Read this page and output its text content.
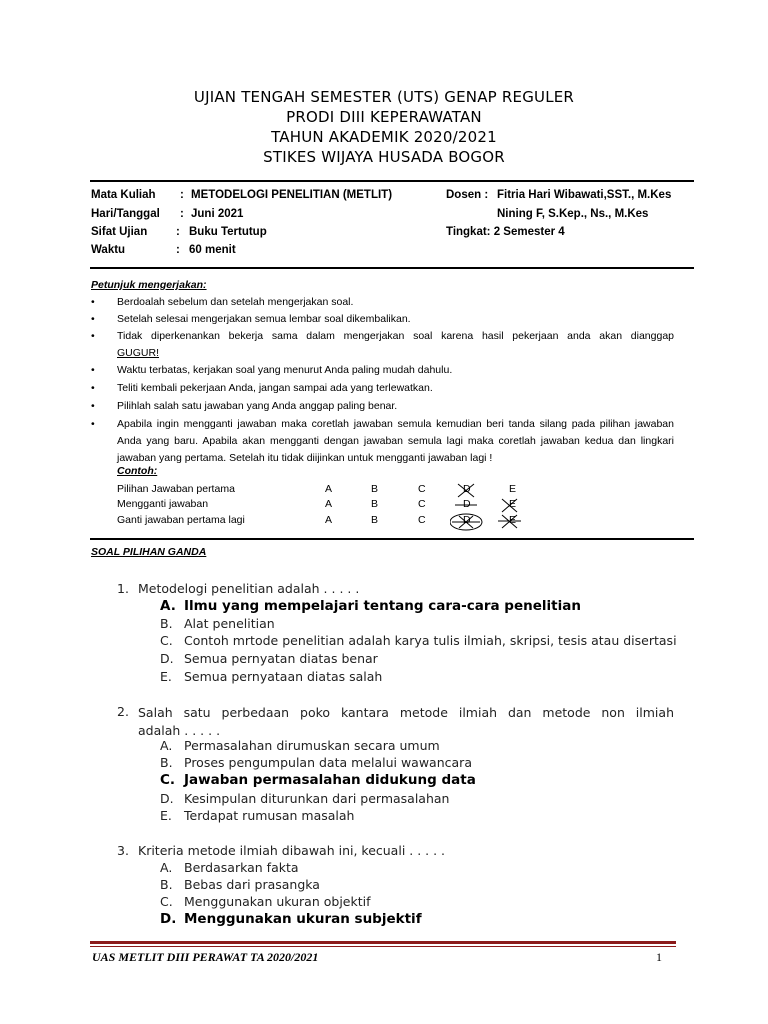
UJIAN TENGAH SEMESTER (UTS) GENAP REGULER
PRODI DIII KEPERAWATAN
TAHUN AKADEMIK 2020/2021
STIKES WIJAYA HUSADA BOGOR
Mata Kuliah : METODELOGI PENELITIAN (METLIT)	Dosen : Fitria Hari Wibawati,SST., M.Kes
Hari/Tanggal : Juni 2021	Nining F, S.Kep., Ns., M.Kes
Sifat Ujian	: Buku Tertutup	Tingkat: 2 Semester 4
Waktu	: 60 menit
Petunjuk mengerjakan:
• Berdoalah sebelum dan setelah mengerjakan soal.
• Setelah selesai mengerjakan semua lembar soal dikembalikan.
• Tidak diperkenankan bekerja sama dalam mengerjakan soal karena hasil pekerjaan anda akan dianggap
GUGUR!
• Waktu terbatas, kerjakan soal yang menurut Anda paling mudah dahulu.
• Teliti kembali pekerjaan Anda, jangan sampai ada yang terlewatkan.
• Pilihlah salah satu jawaban yang Anda anggap paling benar.
• Apabila ingin mengganti jawaban maka coretlah jawaban semula kemudian beri tanda silang pada pilihan jawaban Anda yang baru. Apabila akan mengganti dengan jawaban semula lagi maka coretlah jawaban kedua dan lingkari jawaban yang pertama. Setelah itu tidak diijinkan untuk mengganti jawaban lagi !
Contoh:
Pilihan Jawaban pertama	A	B	C	D	E
Mengganti jawaban	A	B	C	D	E
Ganti jawaban pertama lagi	A	B	C	D	E
SOAL PILIHAN GANDA
1. Metodelogi penelitian adalah . . . . .
A. Ilmu yang mempelajari tentang cara-cara penelitian
B. Alat penelitian
C. Contoh mrtode penelitian adalah karya tulis ilmiah, skripsi, tesis atau disertasi
D. Semua pernyatan diatas benar
E. Semua pernyataan diatas salah
2. Salah satu perbedaan poko kantara metode ilmiah dan metode non ilmiah
adalah . . . . .
A. Permasalahan dirumuskan secara umum
B. Proses pengumpulan data melalui wawancara
C. Jawaban permasalahan didukung data
D. Kesimpulan diturunkan dari permasalahan
E. Terdapat rumusan masalah
3. Kriteria metode ilmiah dibawah ini, kecuali . . . . .
A. Berdasarkan fakta
B. Bebas dari prasangka
C. Menggunakan ukuran objektif
D. Menggunakan ukuran subjektif
UAS METLIT DIII PERAWAT TA 2020/2021	1
